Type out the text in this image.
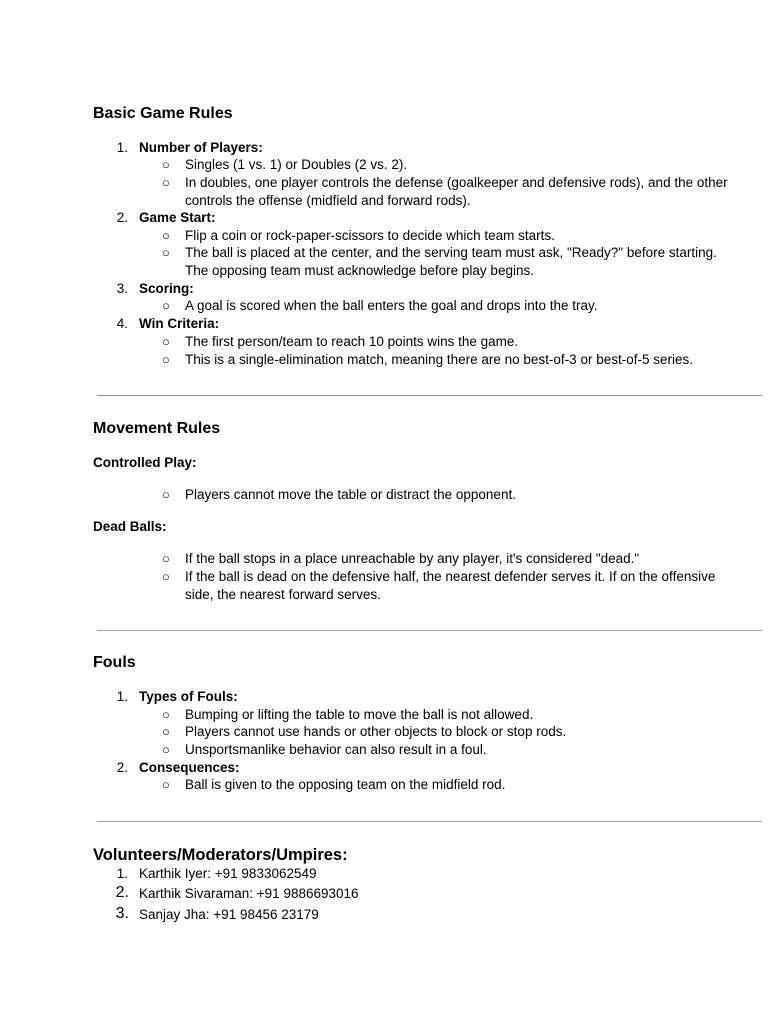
Basic Game Rules
1. Number of Players:
○ Singles (1 vs. 1) or Doubles (2 vs. 2).
○ In doubles, one player controls the defense (goalkeeper and defensive rods), and the other
controls the offense (midfield and forward rods).
2. Game Start:
○ Flip a coin or rock-paper-scissors to decide which team starts.
○ The ball is placed at the center, and the serving team must ask, "Ready?" before starting.
The opposing team must acknowledge before play begins.
3. Scoring:
○ A goal is scored when the ball enters the goal and drops into the tray.
4. Win Criteria:
○ The first person/team to reach 10 points wins the game.
○ This is a single-elimination match, meaning there are no best-of-3 or best-of-5 series.
Movement Rules
Controlled Play:
○ Players cannot move the table or distract the opponent.
Dead Balls:
○ If the ball stops in a place unreachable by any player, it's considered "dead."
○ If the ball is dead on the defensive half, the nearest defender serves it. If on the offensive
side, the nearest forward serves.
Fouls
1. Types of Fouls:
○ Bumping or lifting the table to move the ball is not allowed.
○ Players cannot use hands or other objects to block or stop rods.
○ Unsportsmanlike behavior can also result in a foul.
2. Consequences:
○ Ball is given to the opposing team on the midfield rod.
Volunteers/Moderators/Umpires:
1. Karthik Iyer: +91 9833062549
2. Karthik Sivaraman: +91 9886693016
3. Sanjay Jha: +91 98456 23179
